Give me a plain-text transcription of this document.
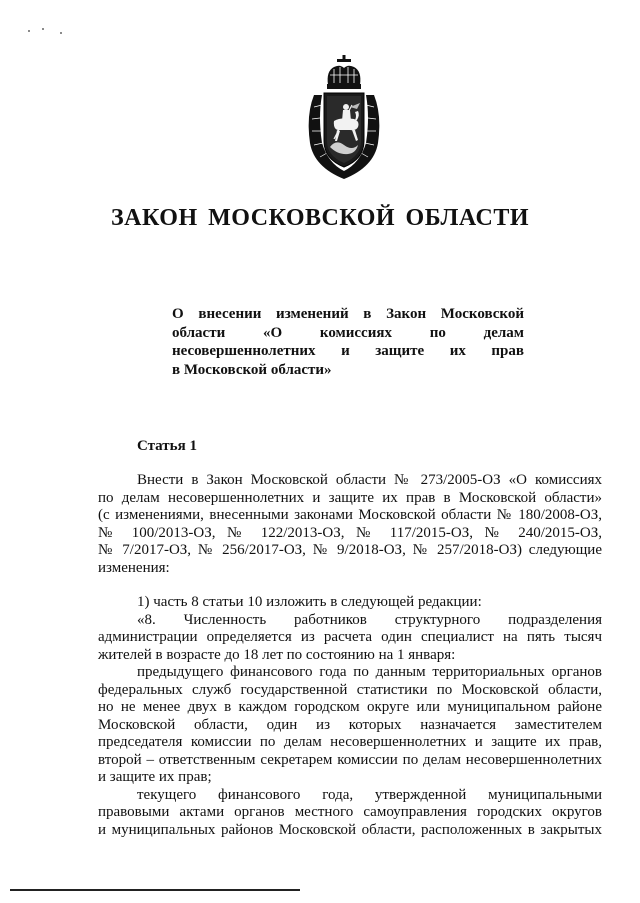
ЗАКОН МОСКОВСКОЙ ОБЛАСТИ
О внесении изменений в Закон Московской
области «О комиссиях по делам
несовершеннолетних и защите их прав
в Московской области»
Статья 1
Внести в Закон Московской области № 273/2005-ОЗ «О комиссиях
по делам несовершеннолетних и защите их прав в Московской области»
(с изменениями, внесенными законами Московской области № 180/2008-ОЗ,
№ 100/2013-ОЗ, № 122/2013-ОЗ, № 117/2015-ОЗ, № 240/2015-ОЗ,
№ 7/2017-ОЗ, № 256/2017-ОЗ, № 9/2018-ОЗ, № 257/2018-ОЗ) следующие
изменения:
1) часть 8 статьи 10 изложить в следующей редакции:
«8. Численность работников структурного подразделения
администрации определяется из расчета один специалист на пять тысяч
жителей в возрасте до 18 лет по состоянию на 1 января:
предыдущего финансового года по данным территориальных органов
федеральных служб государственной статистики по Московской области,
но не менее двух в каждом городском округе или муниципальном районе
Московской области, один из которых назначается заместителем
председателя комиссии по делам несовершеннолетних и защите их прав,
второй – ответственным секретарем комиссии по делам несовершеннолетних
и защите их прав;
текущего финансового года, утвержденной муниципальными
правовыми актами органов местного самоуправления городских округов
и муниципальных районов Московской области, расположенных в закрытых
